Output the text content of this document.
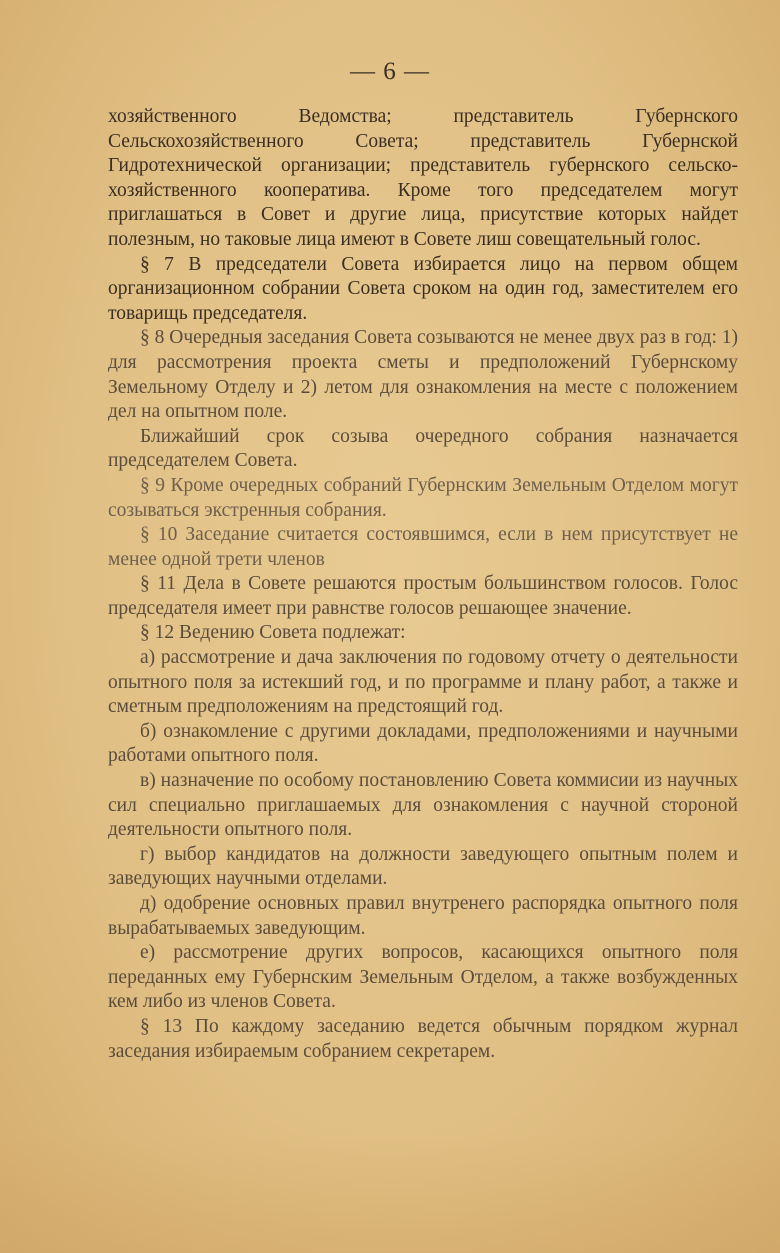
— 6 —

хозяйственного Ведомства; представитель Губернского Сельскохозяйственного Совета; представитель Губернской Гидротехнической организации; представитель губернского сельско-хозяйственного кооператива. Кроме того председателем могут приглашаться в Совет и другие лица, присутствие которых найдет полезным, но таковые лица имеют в Совете лиш совещательный голос.

§ 7 В председатели Совета избирается лицо на первом общем организационном собрании Совета сроком на один год, заместителем его товарищь председателя.

§ 8 Очередныя заседания Совета созываются не менее двух раз в год: 1) для рассмотрения проекта сметы и предположений Губернскому Земельному Отделу и 2) летом для ознакомления на месте с положением дел на опытном поле.

Ближайший срок созыва очередного собрания назначается председателем Совета.

§ 9 Кроме очередных собраний Губернским Земельным Отделом могут созываться экстренныя собрания.

§ 10 Заседание считается состоявшимся, если в нем присутствует не менее одной трети членов

§ 11 Дела в Совете решаются простым большинством голосов. Голос председателя имеет при равнстве голосов решающее значение.

§ 12 Ведению Совета подлежат:

а) рассмотрение и дача заключения по годовому отчету о деятельности опытного поля за истекший год, и по программе и плану работ, а также и сметным предположениям на предстоящий год.

б) ознакомление с другими докладами, предположениями и научными работами опытного поля.

в) назначение по особому постановлению Совета коммисии из научных сил специально приглашаемых для ознакомления с научной стороной деятельности опытного поля.

г) выбор кандидатов на должности заведующего опытным полем и заведующих научными отделами.

д) одобрение основных правил внутренего распорядка опытного поля вырабатываемых заведующим.

е) рассмотрение других вопросов, касающихся опытного поля переданных ему Губернским Земельным Отделом, а также возбужденных кем либо из членов Совета.

§ 13 По каждому заседанию ведется обычным порядком журнал заседания избираемым собранием секретарем.
